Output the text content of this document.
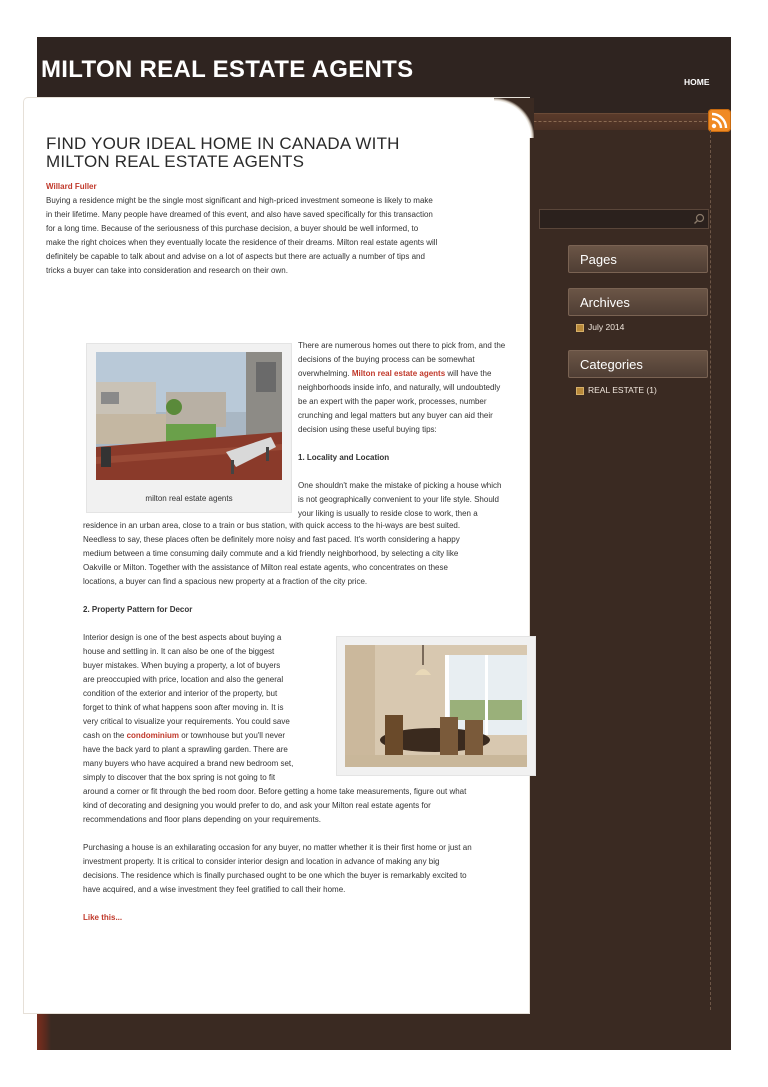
MILTON REAL ESTATE AGENTS	HOME
FIND YOUR IDEAL HOME IN CANADA WITH
MILTON REAL ESTATE AGENTS
Willard Fuller

Buying a residence might be the single most significant and high-priced investment someone is likely to make

in their lifetime. Many people have dreamed of this event, and also have saved specifically for this transaction

for a long time. Because of the seriousness of this purchase decision, a buyer should be well informed, to

make the right choices when they eventually locate the residence of their dreams. Milton real estate agents will

definitely be capable to talk about and advise on a lot of aspects but there are actually a number of tips and

tricks a buyer can take into consideration and research on their own.

milton real estate agents

There are numerous homes out there to pick from, and the

decisions of the buying process can be somewhat

overwhelming. Milton real estate agents will have the

neighborhoods inside info, and naturally, will undoubtedly

be an expert with the paper work, processes, number

crunching and legal matters but any buyer can aid their

decision using these useful buying tips:

1. Locality and Location

One shouldn't make the mistake of picking a house which

is not geographically convenient to your life style. Should

your liking is usually to reside close to work, then a

residence in an urban area, close to a train or bus station, with quick access to the hi-ways are best suited.

Needless to say, these places often be definitely more noisy and fast paced. It's worth considering a happy

medium between a time consuming daily commute and a kid friendly neighborhood, by selecting a city like

Oakville or Milton. Together with the assistance of Milton real estate agents, who concentrates on these

locations, a buyer can find a spacious new property at a fraction of the city price.

2. Property Pattern for Decor

Interior design is one of the best aspects about buying a

house and settling in. It can also be one of the biggest

buyer mistakes. When buying a property, a lot of buyers

are preoccupied with price, location and also the general

condition of the exterior and interior of the property, but

forget to think of what happens soon after moving in. It is

very critical to visualize your requirements. You could save

cash on the condominium or townhouse but you'll never

have the back yard to plant a sprawling garden. There are

many buyers who have acquired a brand new bedroom set,

simply to discover that the box spring is not going to fit

around a corner or fit through the bed room door. Before getting a home take measurements, figure out what

kind of decorating and designing you would prefer to do, and ask your Milton real estate agents for

recommendations and floor plans depending on your requirements.

Purchasing a house is an exhilarating occasion for any buyer, no matter whether it is their first home or just an

investment property. It is critical to consider interior design and location in advance of making any big

decisions. The residence which is finally purchased ought to be one which the buyer is remarkably excited to

have acquired, and a wise investment they feel gratified to call their home.

Like this...

Pages
Archives
July 2014
Categories
REAL ESTATE (1)
